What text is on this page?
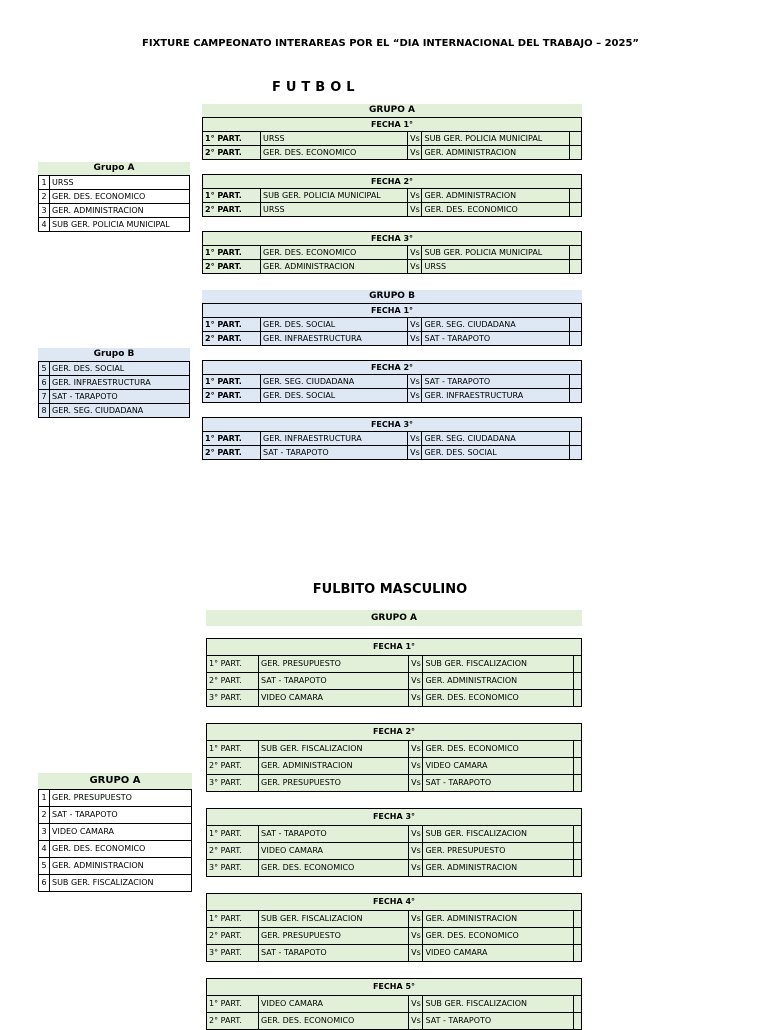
FIXTURE CAMPEONATO INTERAREAS POR EL “DIA INTERNACIONAL DEL TRABAJO – 2025”
FUTBOL
FULBITO MASCULINO
GRUPO A
FECHA 1°				
1° PART.	URSS	Vs	SUB GER. POLICIA MUNICIPAL	
2° PART.	GER. DES. ECONOMICO	Vs	GER. ADMINISTRACION	
FECHA 2°				
1° PART.	SUB GER. POLICIA MUNICIPAL	Vs	GER. ADMINISTRACION	
2° PART.	URSS	Vs	GER. DES. ECONOMICO	
FECHA 3°				
1° PART.	GER. DES. ECONOMICO	Vs	SUB GER. POLICIA MUNICIPAL	
2° PART.	GER. ADMINISTRACION	Vs	URSS	
Grupo A
1	URSS
2	GER. DES. ECONOMICO
3	GER. ADMINISTRACION
4	SUB GER. POLICIA MUNICIPAL
GRUPO B
FECHA 1°				
1° PART.	GER. DES. SOCIAL	Vs	GER. SEG. CIUDADANA	
2° PART.	GER. INFRAESTRUCTURA	Vs	SAT - TARAPOTO	
FECHA 2°				
1° PART.	GER. SEG. CIUDADANA	Vs	SAT - TARAPOTO	
2° PART.	GER. DES. SOCIAL	Vs	GER. INFRAESTRUCTURA	
FECHA 3°				
1° PART.	GER. INFRAESTRUCTURA	Vs	GER. SEG. CIUDADANA	
2° PART.	SAT - TARAPOTO	Vs	GER. DES. SOCIAL	
Grupo B
5	GER. DES. SOCIAL
6	GER. INFRAESTRUCTURA
7	SAT - TARAPOTO
8	GER. SEG. CIUDADANA
GRUPO A
FECHA 1°				
1° PART.	GER. PRESUPUESTO	Vs	SUB GER. FISCALIZACION	
2° PART.	SAT - TARAPOTO	Vs	GER. ADMINISTRACION	
3° PART.	VIDEO CAMARA	Vs	GER. DES. ECONOMICO	
FECHA 2°				
1° PART.	SUB GER. FISCALIZACION	Vs	GER. DES. ECONOMICO	
2° PART.	GER. ADMINISTRACION	Vs	VIDEO CAMARA	
3° PART.	GER. PRESUPUESTO	Vs	SAT - TARAPOTO	
FECHA 3°				
1° PART.	SAT - TARAPOTO	Vs	SUB GER. FISCALIZACION	
2° PART.	VIDEO CAMARA	Vs	GER. PRESUPUESTO	
3° PART.	GER. DES. ECONOMICO	Vs	GER. ADMINISTRACION	
FECHA 4°				
1° PART.	SUB GER. FISCALIZACION	Vs	GER. ADMINISTRACION	
2° PART.	GER. PRESUPUESTO	Vs	GER. DES. ECONOMICO	
3° PART.	SAT - TARAPOTO	Vs	VIDEO CAMARA	
FECHA 5°				
1° PART.	VIDEO CAMARA	Vs	SUB GER. FISCALIZACION	
2° PART.	GER. DES. ECONOMICO	Vs	SAT - TARAPOTO	
GRUPO A
1	GER. PRESUPUESTO
2	SAT - TARAPOTO
3	VIDEO CAMARA
4	GER. DES. ECONOMICO
5	GER. ADMINISTRACION
6	SUB GER. FISCALIZACION
